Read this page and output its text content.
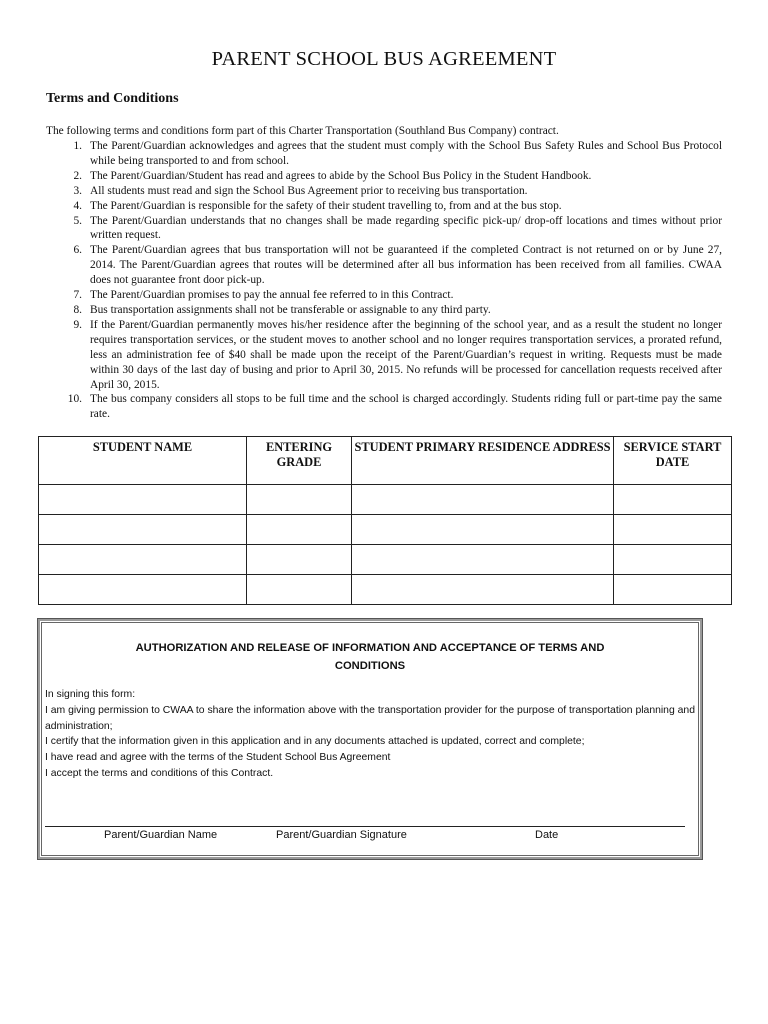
PARENT SCHOOL BUS AGREEMENT
Terms and Conditions
The following terms and conditions form part of this Charter Transportation (Southland Bus Company) contract.
1. The Parent/Guardian acknowledges and agrees that the student must comply with the School Bus Safety Rules and School Bus Protocol while being transported to and from school.
2. The Parent/Guardian/Student has read and agrees to abide by the School Bus Policy in the Student Handbook.
3. All students must read and sign the School Bus Agreement prior to receiving bus transportation.
4. The Parent/Guardian is responsible for the safety of their student travelling to, from and at the bus stop.
5. The Parent/Guardian understands that no changes shall be made regarding specific pick-up/ drop-off locations and times without prior written request.
6. The Parent/Guardian agrees that bus transportation will not be guaranteed if the completed Contract is not returned on or by June 27, 2014. The Parent/Guardian agrees that routes will be determined after all bus information has been received from all families. CWAA does not guarantee front door pick-up.
7. The Parent/Guardian promises to pay the annual fee referred to in this Contract.
8. Bus transportation assignments shall not be transferable or assignable to any third party.
9. If the Parent/Guardian permanently moves his/her residence after the beginning of the school year, and as a result the student no longer requires transportation services, or the student moves to another school and no longer requires transportation services, a prorated refund, less an administration fee of $40 shall be made upon the receipt of the Parent/Guardian’s request in writing. Requests must be made within 30 days of the last day of busing and prior to April 30, 2015. No refunds will be processed for cancellation requests received after April 30, 2015.
10. The bus company considers all stops to be full time and the school is charged accordingly. Students riding full or part-time pay the same rate.
STUDENT NAME	ENTERING GRADE	STUDENT PRIMARY RESIDENCE ADDRESS	SERVICE START DATE

AUTHORIZATION AND RELEASE OF INFORMATION AND ACCEPTANCE OF TERMS AND CONDITIONS
In signing this form:
I am giving permission to CWAA to share the information above with the transportation provider for the purpose of transportation planning and administration;
I certify that the information given in this application and in any documents attached is updated, correct and complete;
I have read and agree with the terms of the Student School Bus Agreement
I accept the terms and conditions of this Contract.
Parent/Guardian Name	Parent/Guardian Signature	Date
